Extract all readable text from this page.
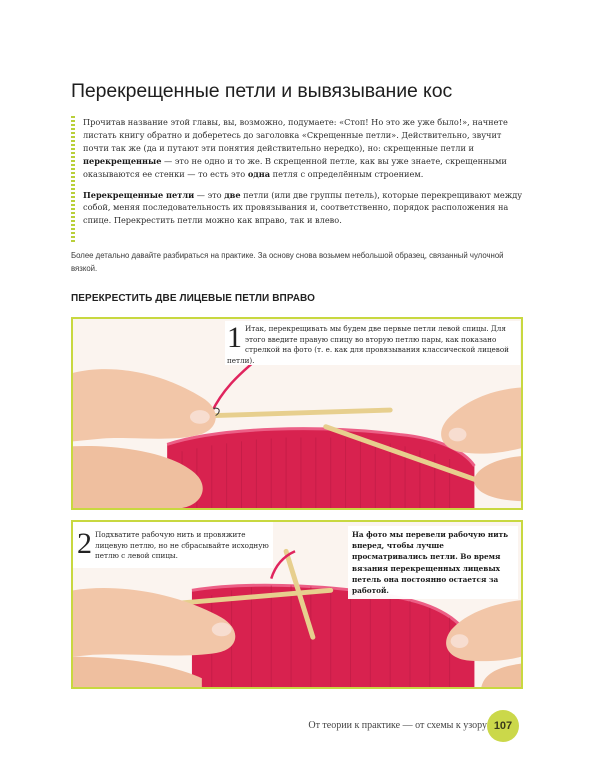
Перекрещенные петли и вывязывание кос

Прочитав название этой главы, вы, возможно, подумаете: «Стоп! Но это же уже было!», начнете листать книгу обратно и доберетесь до заголовка «Скрещенные петли». Действительно, звучит почти так же (да и путают эти понятия действительно нередко), но: скрещенные петли и перекрещенные — это не одно и то же. В скрещенной петле, как вы уже знаете, скрещенными оказываются ее стенки — то есть это одна петля с определённым строением.

Перекрещенные петли — это две петли (или две группы петель), которые перекрещивают между собой, меняя последовательность их провязывания и, соответственно, порядок расположения на спице. Перекрестить петли можно как вправо, так и влево.

Более детально давайте разбираться на практике. За основу снова возьмем небольшой образец, связанный чулочной вязкой.
ПЕРЕКРЕСТИТЬ ДВЕ ЛИЦЕВЫЕ ПЕТЛИ ВПРАВО
1 Итак, перекрещивать мы будем две первые петли левой спицы. Для этого введите правую спицу во вторую петлю пары, как показано стрелкой на фото (т. е. как для провязывания классической лицевой петли).
2 Подхватите рабочую нить и провяжите лицевую петлю, но не сбрасывайте исходную петлю с левой спицы.
На фото мы перевели рабочую нить вперед, чтобы лучше просматривались петли. Во время вязания перекрещенных лицевых петель она постоянно остается за работой.
От теории к практике — от схемы к узору 107
